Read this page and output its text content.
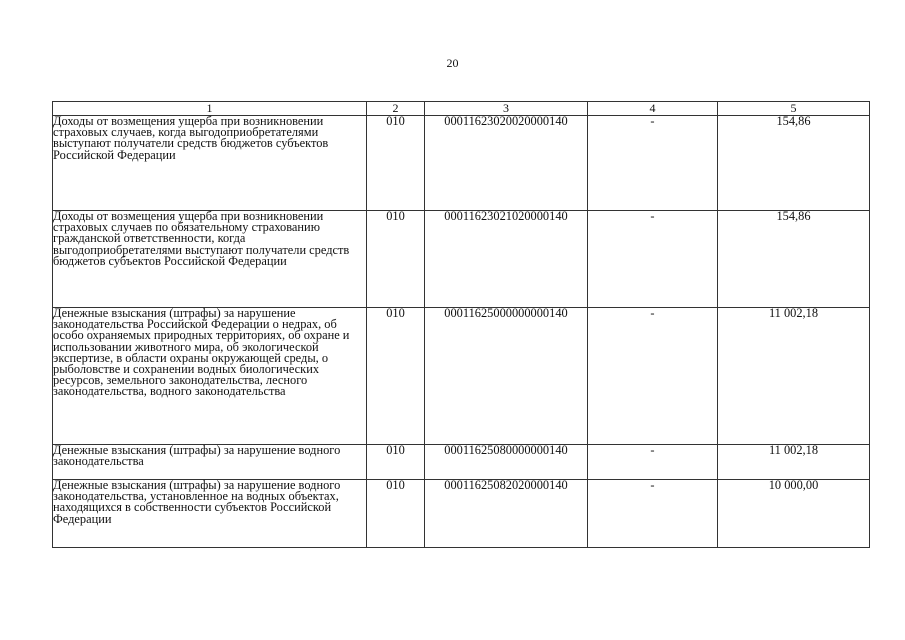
20
1	2	3	4	5
Доходы от возмещения ущерба при возникновении страховых случаев, когда выгодоприобретателями выступают получатели средств бюджетов субъектов Российской Федерации	010	00011623020020000140	-	154,86
Доходы от возмещения ущерба при возникновении страховых случаев по обязательному страхованию гражданской ответственности, когда выгодоприобретателями выступают получатели средств бюджетов субъектов Российской Федерации	010	00011623021020000140	-	154,86
Денежные взыскания (штрафы) за нарушение законодательства Российской Федерации о недрах, об особо охраняемых природных территориях, об охране и использовании животного мира, об экологической экспертизе, в области охраны окружающей среды, о рыболовстве и сохранении водных биологических ресурсов, земельного законодательства, лесного законодательства, водного законодательства	010	00011625000000000140	-	11 002,18
Денежные взыскания (штрафы) за нарушение водного законодательства	010	00011625080000000140	-	11 002,18
Денежные взыскания (штрафы) за нарушение водного законодательства, установленное на водных объектах, находящихся в собственности субъектов Российской Федерации	010	00011625082020000140	-	10 000,00
